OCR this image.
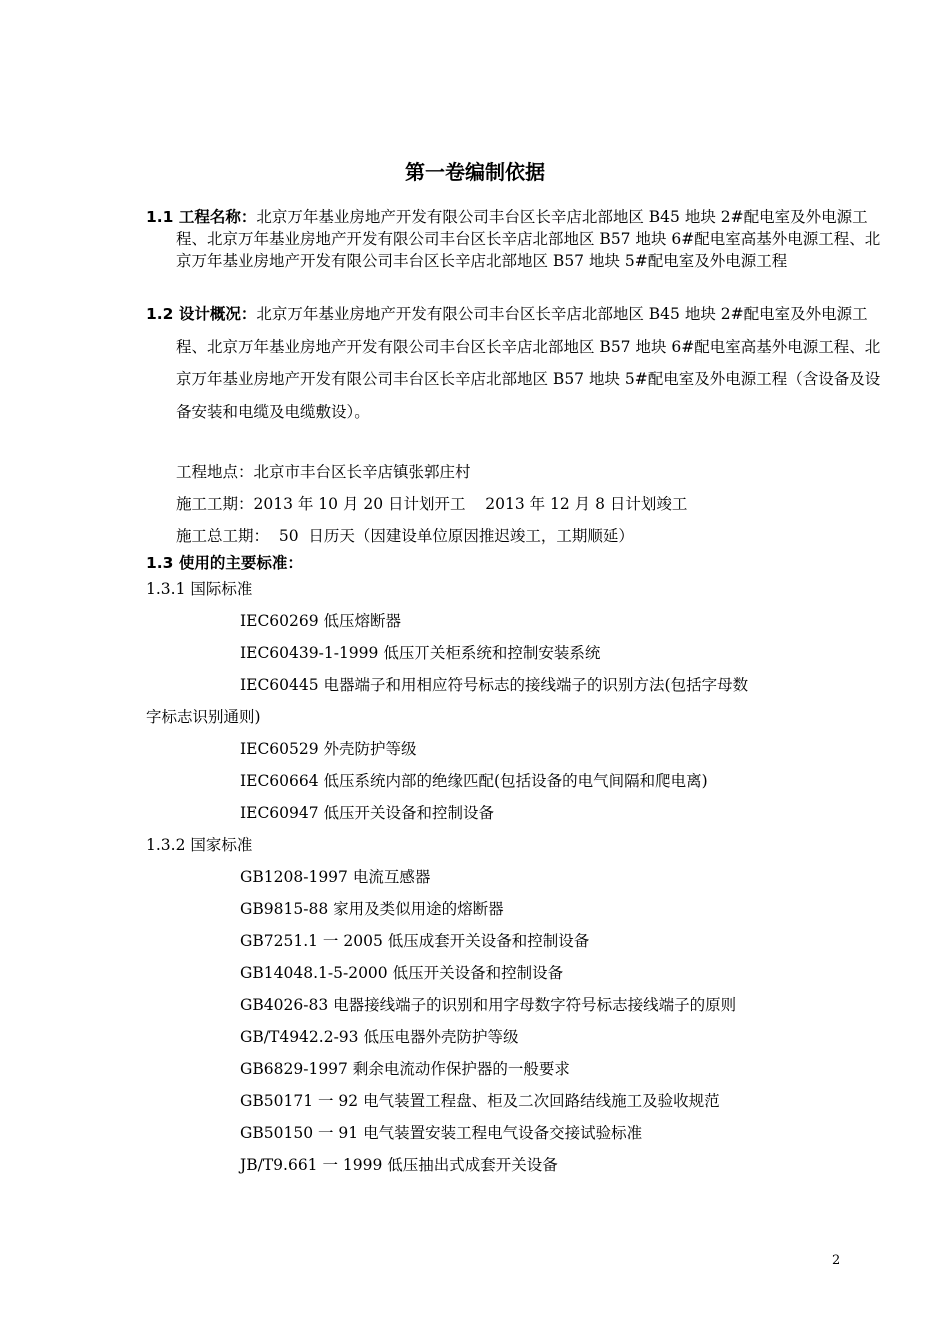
第一卷编制依据
1.1 工程名称：北京万年基业房地产开发有限公司丰台区长辛店北部地区 B45 地块 2#配电室及外电源工程、北京万年基业房地产开发有限公司丰台区长辛店北部地区 B57 地块 6#配电室高基外电源工程、北京万年基业房地产开发有限公司丰台区长辛店北部地区 B57 地块 5#配电室及外电源工程
1.2 设计概况：北京万年基业房地产开发有限公司丰台区长辛店北部地区 B45 地块 2#配电室及外电源工程、北京万年基业房地产开发有限公司丰台区长辛店北部地区 B57 地块 6#配电室高基外电源工程、北京万年基业房地产开发有限公司丰台区长辛店北部地区 B57 地块 5#配电室及外电源工程（含设备及设备安装和电缆及电缆敷设）。
工程地点：北京市丰台区长辛店镇张郭庄村
施工工期：2013 年 10 月 20 日计划开工    2013 年 12 月 8 日计划竣工
施工总工期：  50  日历天（因建设单位原因推迟竣工，工期顺延）
1.3 使用的主要标准：
1.3.1 国际标准
IEC60269 低压熔断器
IEC60439-1-1999 低压丌关柜系统和控制安装系统
IEC60445 电器端子和用相应符号标志的接线端子的识别方法(包括字母数
字标志识别通则)
IEC60529 外壳防护等级
IEC60664 低压系统内部的绝缘匹配(包括设备的电气间隔和爬电离)
IEC60947 低压开关设备和控制设备
1.3.2 国家标准
GB1208-1997 电流互感器
GB9815-88 家用及类似用途的熔断器
GB7251.1 一 2005 低压成套开关设备和控制设备
GB14048.1-5-2000 低压开关设备和控制设备
GB4026-83 电器接线端子的识别和用字母数字符号标志接线端子的原则
GB/T4942.2-93 低压电器外壳防护等级
GB6829-1997 剩余电流动作保护器的一般要求
GB50171 一 92 电气装置工程盘、柜及二次回路结线施工及验收规范
GB50150 一 91 电气装置安装工程电气设备交接试验标准
JB/T9.661 一 1999 低压抽出式成套开关设备
2
